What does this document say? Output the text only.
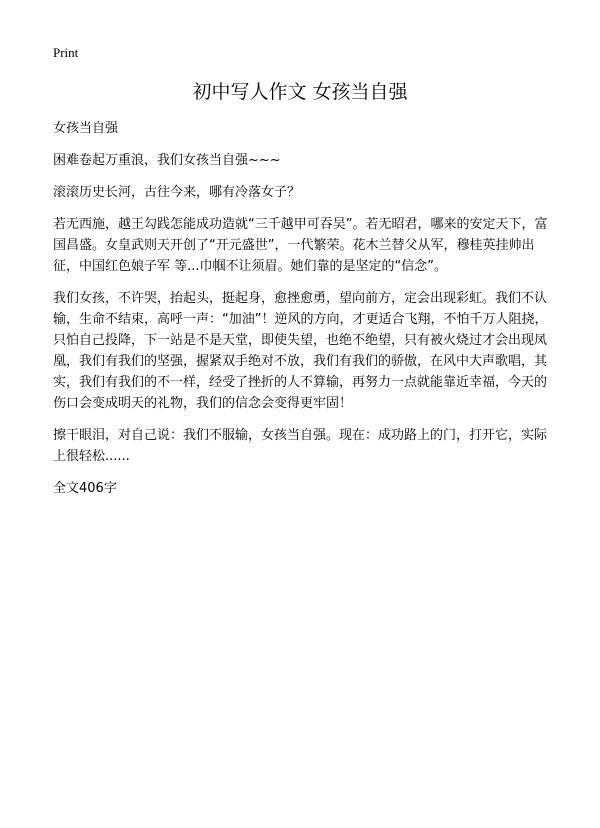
Print
初中写人作文 女孩当自强

女孩当自强

困难卷起万重浪，我们女孩当自强~~~

滚滚历史长河，古往今来，哪有冷落女子？

若无西施，越王勾践怎能成功造就“三千越甲可吞吴”。若无昭君，哪来的安定天下，富国昌盛。女皇武则天开创了“开元盛世”，一代繁荣。花木兰替父从军，穆桂英挂帅出征，中国红色娘子军 等...巾帼不让须眉。她们靠的是坚定的“信念”。

我们女孩，不许哭，抬起头，挺起身，愈挫愈勇，望向前方，定会出现彩虹。我们不认输，生命不结束，高呼一声：“加油”！逆风的方向，才更适合飞翔，不怕千万人阻挠，只怕自己投降，下一站是不是天堂，即使失望，也绝不绝望，只有被火烧过才会出现凤凰，我们有我们的坚强，握紧双手绝对不放，我们有我们的骄傲，在风中大声歌唱，其实，我们有我们的不一样，经受了挫折的人不算输，再努力一点就能靠近幸福，今天的伤口会变成明天的礼物，我们的信念会变得更牢固！

擦干眼泪，对自己说：我们不服输，女孩当自强。现在：成功路上的门，打开它，实际上很轻松......

全文406字
